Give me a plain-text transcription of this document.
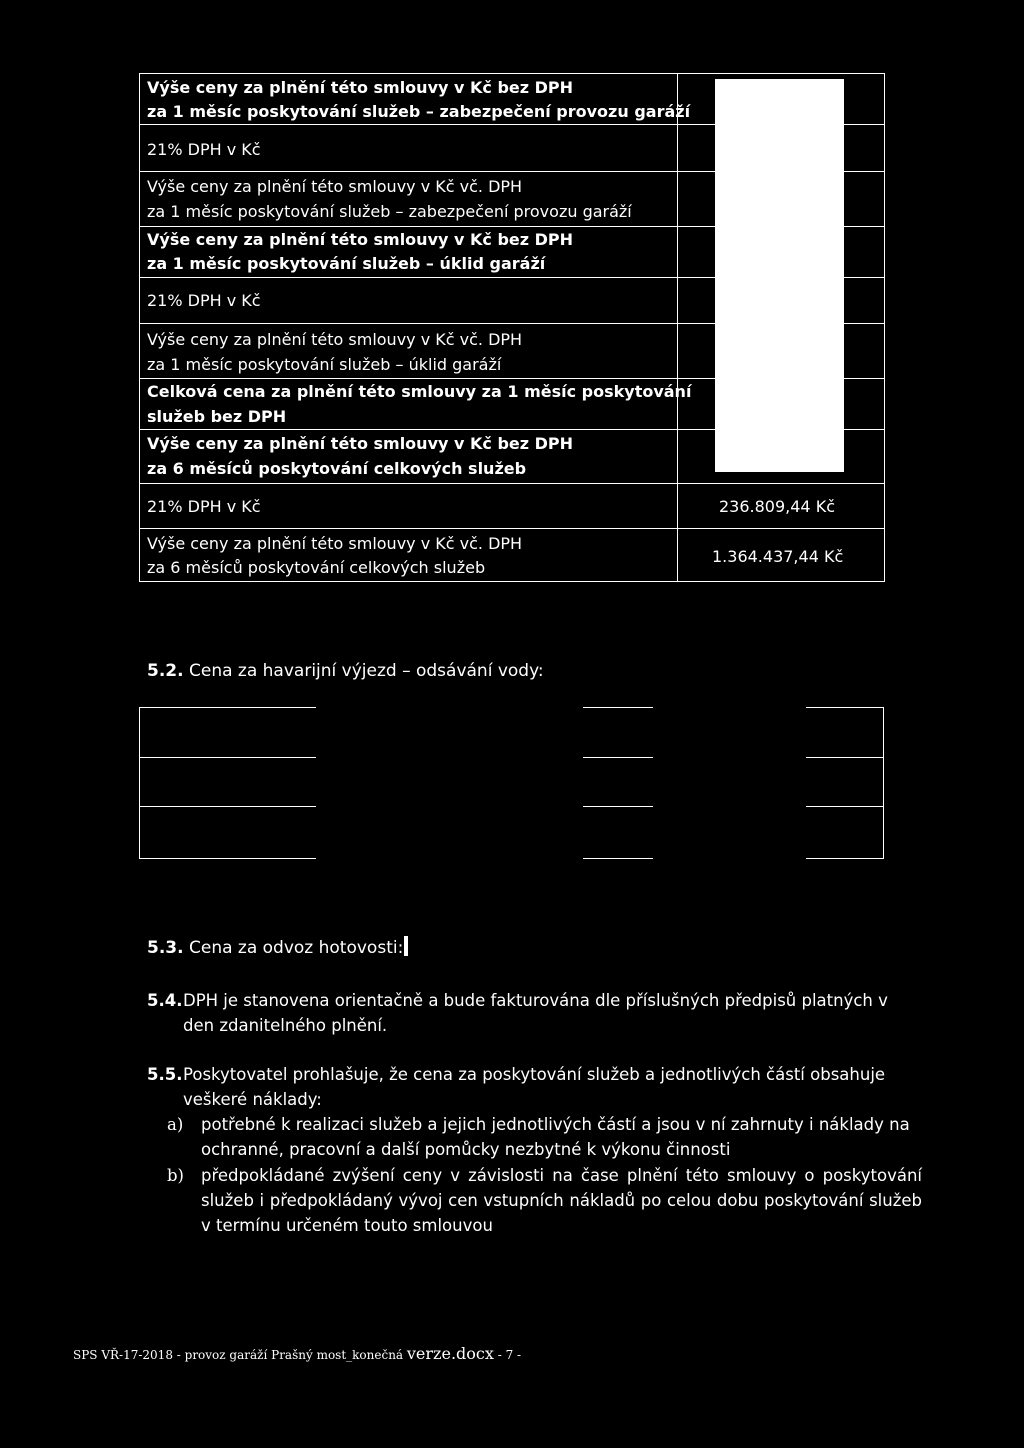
Výše ceny za plnění této smlouvy v Kč bez DPH
za 1 měsíc poskytování služeb – zabezpečení provozu garáží
21% DPH v Kč
Výše ceny za plnění této smlouvy v Kč vč. DPH
za 1 měsíc poskytování služeb – zabezpečení provozu garáží
Výše ceny za plnění této smlouvy v Kč bez DPH
za 1 měsíc poskytování služeb – úklid garáží
21% DPH v Kč
Výše ceny za plnění této smlouvy v Kč vč. DPH
za 1 měsíc poskytování služeb – úklid garáží
Celková cena za plnění této smlouvy za 1 měsíc poskytování
služeb bez DPH
Výše ceny za plnění této smlouvy v Kč bez DPH
za 6 měsíců poskytování celkových služeb
21% DPH v Kč	236.809,44 Kč
Výše ceny za plnění této smlouvy v Kč vč. DPH
za 6 měsíců poskytování celkových služeb
1.364.437,44 Kč
5.2. Cena za havarijní výjezd – odsávání vody:
5.3. Cena za odvoz hotovosti:
5.4. DPH je stanovena orientačně a bude fakturována dle příslušných předpisů platných v den zdanitelného plnění.
5.5. Poskytovatel prohlašuje, že cena za poskytování služeb a jednotlivých částí obsahuje veškeré náklady:
a) potřebné k realizaci služeb a jejich jednotlivých částí a jsou v ní zahrnuty i náklady na ochranné, pracovní a další pomůcky nezbytné k výkonu činnosti
b) předpokládané zvýšení ceny v závislosti na čase plnění této smlouvy o poskytování služeb i předpokládaný vývoj cen vstupních nákladů po celou dobu poskytování služeb v termínu určeném touto smlouvou
SPS VŘ-17-2018 - provoz garáží Prašný most_konečná verze.docx - 7 -
